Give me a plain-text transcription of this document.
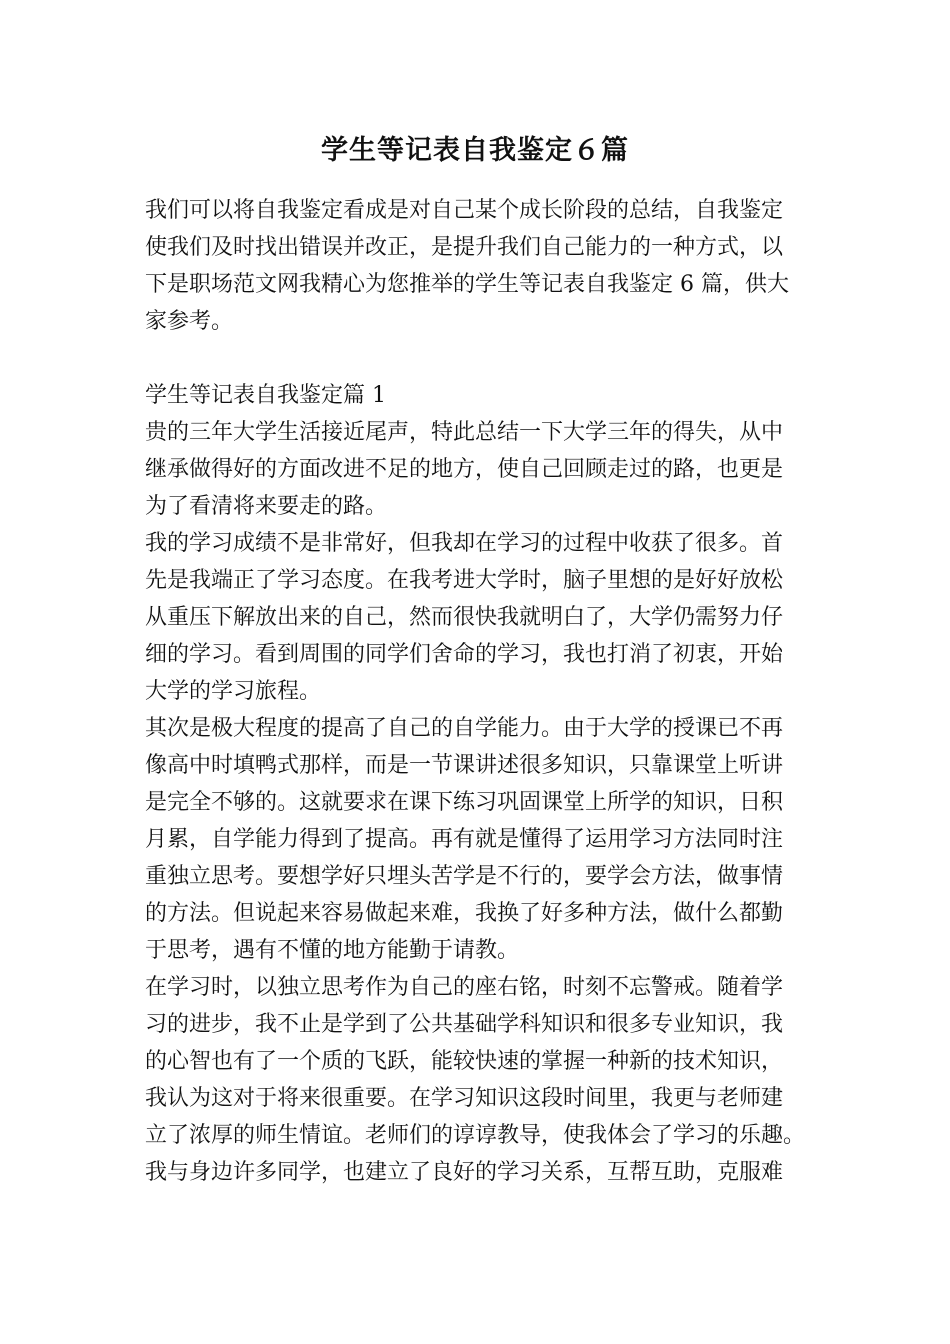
学生等记表自我鉴定６篇

我们可以将自我鉴定看成是对自己某个成长阶段的总结，自我鉴定

使我们及时找出错误并改正，是提升我们自己能力的一种方式，以

下是职场范文网我精心为您推举的学生等记表自我鉴定 6 篇，供大

家参考。

学生等记表自我鉴定篇 1

贵的三年大学生活接近尾声，特此总结一下大学三年的得失，从中

继承做得好的方面改进不足的地方，使自己回顾走过的路，也更是

为了看清将来要走的路。

我的学习成绩不是非常好，但我却在学习的过程中收获了很多。首

先是我端正了学习态度。在我考进大学时，脑子里想的是好好放松

从重压下解放出来的自己，然而很快我就明白了，大学仍需努力仔

细的学习。看到周围的同学们舍命的学习，我也打消了初衷，开始

大学的学习旅程。

其次是极大程度的提高了自己的自学能力。由于大学的授课已不再

像高中时填鸭式那样，而是一节课讲述很多知识，只靠课堂上听讲

是完全不够的。这就要求在课下练习巩固课堂上所学的知识，日积

月累，自学能力得到了提高。再有就是懂得了运用学习方法同时注

重独立思考。要想学好只埋头苦学是不行的，要学会方法，做事情

的方法。但说起来容易做起来难，我换了好多种方法，做什么都勤

于思考，遇有不懂的地方能勤于请教。

在学习时，以独立思考作为自己的座右铭，时刻不忘警戒。随着学

习的进步，我不止是学到了公共基础学科知识和很多专业知识，我

的心智也有了一个质的飞跃，能较快速的掌握一种新的技术知识，

我认为这对于将来很重要。在学习知识这段时间里，我更与老师建

立了浓厚的师生情谊。老师们的谆谆教导，使我体会了学习的乐趣。

我与身边许多同学，也建立了良好的学习关系，互帮互助，克服难
